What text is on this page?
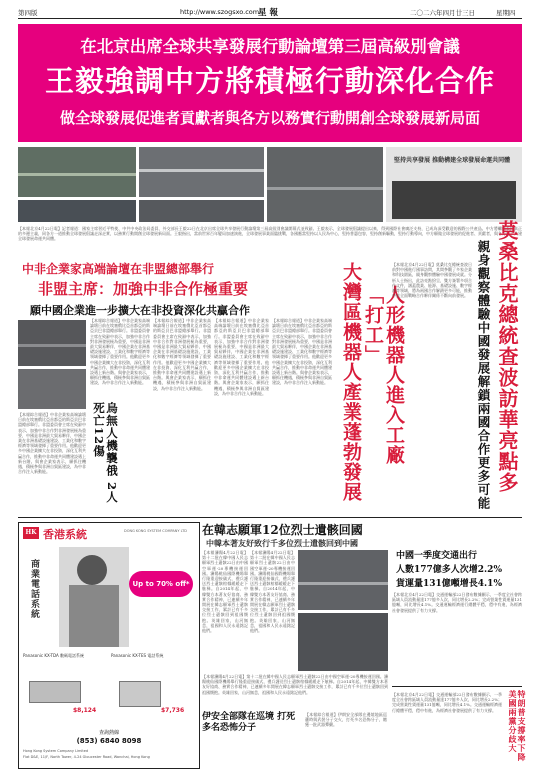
第四版	http://www.szogsxo.com
星 報	二〇二六年四月廿三日	星期四
在北京出席全球共享發展行動論壇第三屆高級別會議
王毅強調中方將積極行動深化合作
做全球發展促進者貢獻者與各方以務實行動開創全球發展新局面
堅持共享發展 推動構建全球發展命運共同體
【本報北京4月22日電】記者報道：國家主席習近平特使、中共中央政治局委員、外交部長王毅22日在北京出席全球共享發展行動論壇第三屆高級別會議開幕式並致辭。王毅表示，全球發展倡議提出以來，得到國際社會廣泛支持，已成為深受歡迎的國際公共產品。中方將繼續秉持真正的多邊主義，同各方一道推動全球發展倡議走深走實，以務實行動開創全球發展新局面。王毅指出，當前世界百年變局加速演進，全球發展事業面臨挑戰，各國應當堅持以人民為中心，堅持普惠包容，堅持創新驅動，堅持行動導向，中方願做全球發展的促進者、貢獻者，與各方攜手共建全球發展命運共同體。
中非企業家高端論壇在非盟總部舉行
非盟主席：加強中非合作極重要
願中國企業進一步擴大在非投資深化共贏合作
【本報綜合報道】中非企業家高端論壇日前在埃塞俄比亞首都亞的斯亞貝巴非盟總部舉行。非盟委員會主席在致辭中表示，加強中非合作對非洲發展極為重要，中國是非洲最大貿易夥伴，中國企業在非洲基礎設施建設、工業化和數字經濟等領域發揮了重要作用。他歡迎更多中國企業擴大在非投資，深化互利共贏合作，推動中非命運共同體建設邁上新台階。與會企業家表示，願抓住機遇，積極參與非洲自貿區建設，為中非合作注入新動能。
【本報綜合報道】中非企業家高端論壇日前在埃塞俄比亞首都亞的斯亞貝巴非盟總部舉行。非盟委員會主席在致辭中表示，加強中非合作對非洲發展極為重要，中國是非洲最大貿易夥伴，中國企業在非洲基礎設施建設、工業化和數字經濟等領域發揮了重要作用。他歡迎更多中國企業擴大在非投資，深化互利共贏合作，推動中非命運共同體建設邁上新台階。與會企業家表示，願抓住機遇，積極參與非洲自貿區建設，為中非合作注入新動能。
【本報綜合報道】中非企業家高端論壇日前在埃塞俄比亞首都亞的斯亞貝巴非盟總部舉行。非盟委員會主席在致辭中表示，加強中非合作對非洲發展極為重要，中國是非洲最大貿易夥伴，中國企業在非洲基礎設施建設、工業化和數字經濟等領域發揮了重要作用。他歡迎更多中國企業擴大在非投資，深化互利共贏合作，推動中非命運共同體建設邁上新台階。與會企業家表示，願抓住機遇，積極參與非洲自貿區建設，為中非合作注入新動能。
【本報綜合報道】中非企業家高端論壇日前在埃塞俄比亞首都亞的斯亞貝巴非盟總部舉行。非盟委員會主席在致辭中表示，加強中非合作對非洲發展極為重要，中國是非洲最大貿易夥伴，中國企業在非洲基礎設施建設、工業化和數字經濟等領域發揮了重要作用。他歡迎更多中國企業擴大在非投資，深化互利共贏合作，推動中非命運共同體建設邁上新台階。與會企業家表示，願抓住機遇，積極參與非洲自貿區建設，為中非合作注入新動能。
【本報綜合報道】中非企業家高端論壇日前在埃塞俄比亞首都亞的斯亞貝巴非盟總部舉行。非盟委員會主席在致辭中表示，加強中非合作對非洲發展極為重要，中國是非洲最大貿易夥伴，中國企業在非洲基礎設施建設、工業化和數字經濟等領域發揮了重要作用。他歡迎更多中國企業擴大在非投資，深化互利共贏合作，推動中非命運共同體建設邁上新台階。與會企業家表示，願抓住機遇，積極參與非洲自貿區建設，為中非合作注入新動能。
烏無人機襲俄 2人死亡12傷	大灣區機器人產業蓬勃發展	人形機器人進入工廠「打工」	莫桑比克總統查波訪華亮點多
親身觀察體驗中國發展解鎖兩國合作更多可能
【本報北京4月22日電】莫桑比克總統查波日前對中國進行國事訪問，其間參觀了多家企業和科技園區，親身觀察體驗中國發展成就。分析人士指出，此訪亮點紛呈，雙方簽署多項合作文件，涵蓋農業、能源、基礎設施、數字經濟等領域，將為兩國合作解鎖更多可能，推動中莫全面戰略合作夥伴關係不斷向前發展。
HK 香港系統	DONG KONG SYSTEM COMPANY LTD
商業電話系統	Up to 70% off*
Panasonic KX-TDA 數碼電話系統
$8,124
Panasonic KX-TES 電話系統
$7,736
查詢熱線
(853) 6840 8098
Hong Kong System Company Limited
Flat D&E, 11/F, North Tower, 4-24 Gloucester Road, Wanchai, Hong Kong
在韓志願軍12位烈士遺骸回國
中韓本著友好致行千多位烈士遺骸回到中國
【本報瀋陽4月22日電】第十二批在韓中國人民志願軍烈士遺骸22日由中國空軍運-20專機接運回國。瀋陽桃仙國際機場舉行隆重迎接儀式，禮兵護送烈士遺骸棺槨緩緩走下舷梯。自2014年起，中韓雙方本著友好協商、務實合作精神，已連續多年開展在韓志願軍烈士遺骸交接工作，累計已有千多位烈士遺骸回到祖國懷抱。英雄回家，山河無恙，祖國和人民永遠銘記他們。
【本報瀋陽4月22日電】第十二批在韓中國人民志願軍烈士遺骸22日由中國空軍運-20專機接運回國。瀋陽桃仙國際機場舉行隆重迎接儀式，禮兵護送烈士遺骸棺槨緩緩走下舷梯。自2014年起，中韓雙方本著友好協商、務實合作精神，已連續多年開展在韓志願軍烈士遺骸交接工作，累計已有千多位烈士遺骸回到祖國懷抱。英雄回家，山河無恙，祖國和人民永遠銘記他們。
【本報瀋陽4月22日電】第十二批在韓中國人民志願軍烈士遺骸22日由中國空軍運-20專機接運回國。瀋陽桃仙國際機場舉行隆重迎接儀式，禮兵護送烈士遺骸棺槨緩緩走下舷梯。自2014年起，中韓雙方本著友好協商、務實合作精神，已連續多年開展在韓志願軍烈士遺骸交接工作，累計已有千多位烈士遺骸回到祖國懷抱。英雄回家，山河無恙，祖國和人民永遠銘記他們。
伊安全部隊在巡境 打死多名恐怖分子
【本報綜合報道】伊朗安全部隊在邊境地區巡邏時與武裝分子交火，打死多名恐怖分子，繳獲一批武器彈藥。
中國一季度交通出行
人數177億多人次增2.2%
貨運量131億噸增長4.1%
【本報北京4月22日電】交通運輸部22日發布數據顯示，一季度全社會跨區域人員流動量達177億多人次，同比增長2.2%；完成營業性貨運量131億噸，同比增長4.1%。交通運輸經濟運行總體平穩，穩中有進，為經濟社會發展提供了有力支撐。
特朗普支撐率下降 美國兩黨分歧大
【本報北京4月22日電】交通運輸部22日發布數據顯示，一季度全社會跨區域人員流動量達177億多人次，同比增長2.2%；完成營業性貨運量131億噸，同比增長4.1%。交通運輸經濟運行總體平穩，穩中有進，為經濟社會發展提供了有力支撐。
